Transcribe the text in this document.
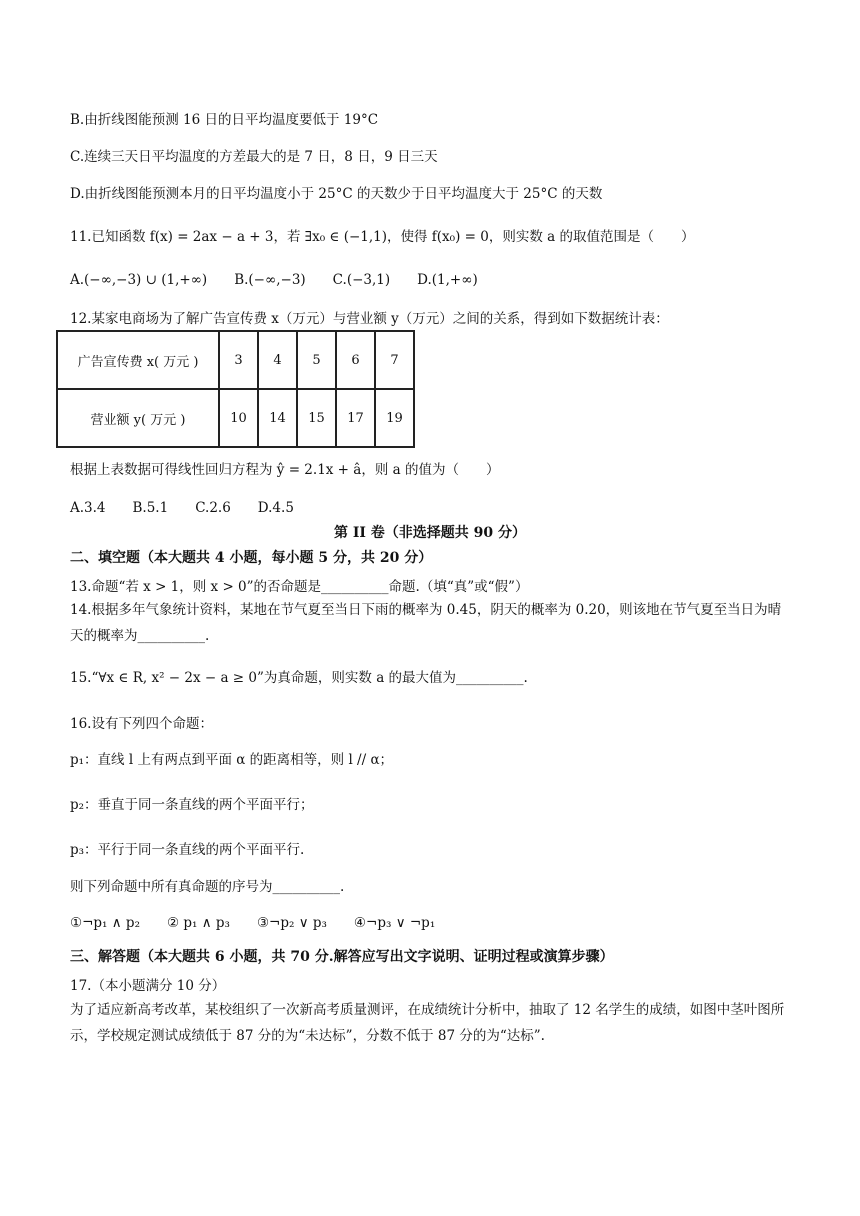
B.由折线图能预测 16 日的日平均温度要低于 19°C
C.连续三天日平均温度的方差最大的是 7 日，8 日，9 日三天
D.由折线图能预测本月的日平均温度小于 25°C 的天数少于日平均温度大于 25°C 的天数
11.已知函数 f(x) = 2ax − a + 3，若 ∃x₀ ∈ (−1,1)，使得 f(x₀) = 0，则实数 a 的取值范围是（　　）
A.(−∞,−3) ∪ (1,+∞)　　B.(−∞,−3)　　C.(−3,1)　　D.(1,+∞)
12.某家电商场为了解广告宣传费 x（万元）与营业额 y（万元）之间的关系，得到如下数据统计表：
广告宣传费 x( 万元 )	3	4	5	6	7
营业额 y( 万元 )	10	14	15	17	19
根据上表数据可得线性回归方程为 ŷ = 2.1x + â，则 a 的值为（　　）
A.3.4　　B.5.1　　C.2.6　　D.4.5
第 II 卷（非选择题共 90 分）
二、填空题（本大题共 4 小题，每小题 5 分，共 20 分）
13.命题“若 x > 1，则 x > 0”的否命题是__________命题.（填“真”或“假”）
14.根据多年气象统计资料，某地在节气夏至当日下雨的概率为 0.45，阴天的概率为 0.20，则该地在节气夏至当日为晴天的概率为__________.
15.“∀x ∈ R, x² − 2x − a ≥ 0”为真命题，则实数 a 的最大值为__________.
16.设有下列四个命题：
p₁：直线 l 上有两点到平面 α 的距离相等，则 l // α；
p₂：垂直于同一条直线的两个平面平行；
p₃：平行于同一条直线的两个平面平行.
则下列命题中所有真命题的序号为__________.
①¬p₁ ∧ p₂　　② p₁ ∧ p₃　　③¬p₂ ∨ p₃　　④¬p₃ ∨ ¬p₁
三、解答题（本大题共 6 小题，共 70 分.解答应写出文字说明、证明过程或演算步骤）
17.（本小题满分 10 分）
为了适应新高考改革，某校组织了一次新高考质量测评，在成绩统计分析中，抽取了 12 名学生的成绩，如图中茎叶图所示，学校规定测试成绩低于 87 分的为“未达标”，分数不低于 87 分的为“达标”.
